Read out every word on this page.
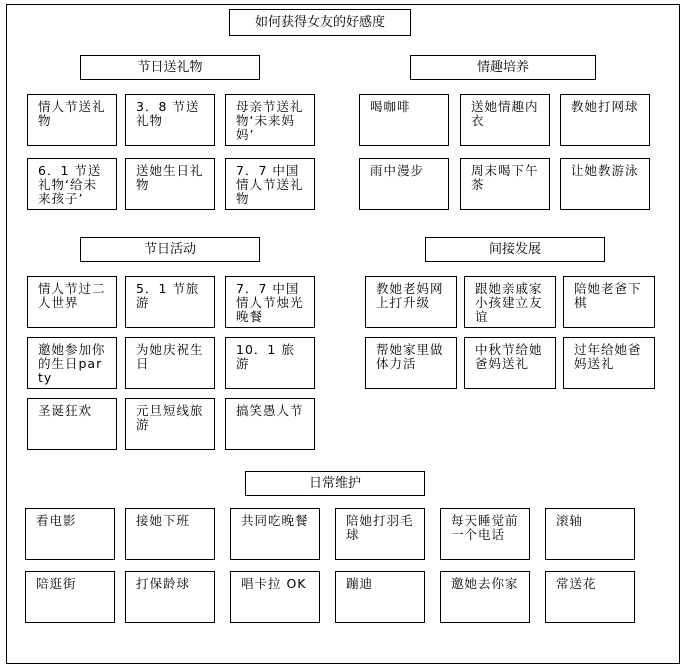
如何获得女友的好感度
节日送礼物
情人节送礼物
3．8 节送礼物
母亲节送礼物‘未来妈妈’
6．1 节送礼物‘给未来孩子’
送她生日礼物
7．7 中国情人节送礼物
情趣培养
喝咖啡	送她情趣内衣
教她打网球
雨中漫步	周末喝下午茶
让她教游泳
节日活动
情人节过二人世界
5．1 节旅游
7．7 中国情人节烛光晚餐
邀她参加你的生日party
为她庆祝生日
10．1 旅游
圣诞狂欢	元旦短线旅游
搞笑愚人节
间接发展
教她老妈网上打升级
跟她亲戚家小孩建立友谊
陪她老爸下棋
帮她家里做体力活
中秋节给她爸妈送礼
过年给她爸妈送礼
日常维护
看电影	接她下班	共同吃晚餐	陪她打羽毛球
每天睡觉前一个电话
滚轴
陪逛街	打保龄球	唱卡拉 OK	蹦迪	邀她去你家	常送花
